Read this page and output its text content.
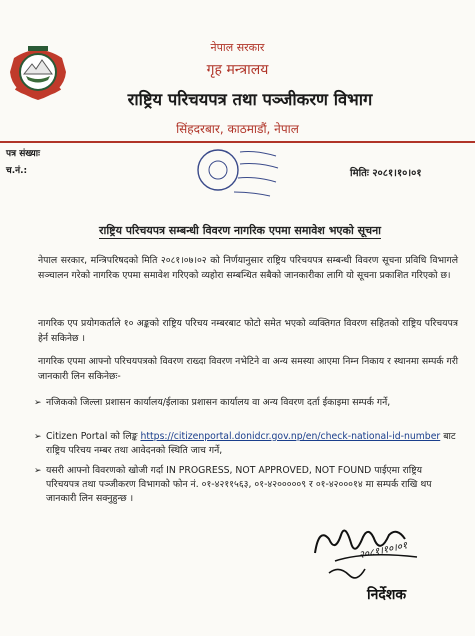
नेपाल सरकार
गृह मन्त्रालय
राष्ट्रिय परिचयपत्र तथा पञ्जीकरण विभाग
सिंहदरबार, काठमाडौं, नेपाल
पत्र संख्याः
च.नं.:	मितिः २०८१।१०।०१
राष्ट्रिय परिचयपत्र सम्बन्धी विवरण नागरिक एपमा समावेश भएको सूचना

नेपाल सरकार, मन्त्रिपरिषदको मिति २०८१।०७।०२ को निर्णयानुसार राष्ट्रिय परिचयपत्र सम्बन्धी विवरण सूचना प्रविधि विभागले सञ्चालन गरेको नागरिक एपमा समावेश गरिएको व्यहोरा सम्बन्धित सबैको जानकारीका लागि यो सूचना प्रकाशित गरिएको छ।

नागरिक एप प्रयोगकर्ताले १० अङ्कको राष्ट्रिय परिचय नम्बरबाट फोटो समेत भएको व्यक्तिगत विवरण सहितको राष्ट्रिय परिचयपत्र हेर्न सकिनेछ ।

नागरिक एपमा आफ्नो परिचयपत्रको विवरण राख्दा विवरण नभेटिने वा अन्य समस्या आएमा निम्न निकाय र स्थानमा सम्पर्क गरी जानकारी लिन सकिनेछः-

➢ नजिकको जिल्ला प्रशासन कार्यालय/ईलाका प्रशासन कार्यालय वा अन्य विवरण दर्ता ईकाइमा सम्पर्क गर्ने,
➢ Citizen Portal को लिङ्क https://citizenportal.donidcr.gov.np/en/check-national-id-number बाट राष्ट्रिय परिचय नम्बर तथा आवेदनको स्थिति जाच गर्ने,
➢ यसरी आफ्नो विवरणको खोजी गर्दा IN PROGRESS, NOT APPROVED, NOT FOUND पाईएमा राष्ट्रिय परिचयपत्र तथा पञ्जीकरण विभागको फोन नं. ०१-४२११५६३, ०१-४२०००००९ र ०१-४२०००१४ मा सम्पर्क राखि थप जानकारी लिन सक्नुहुन्छ ।
२०८१।१०।०१
निर्देशक
